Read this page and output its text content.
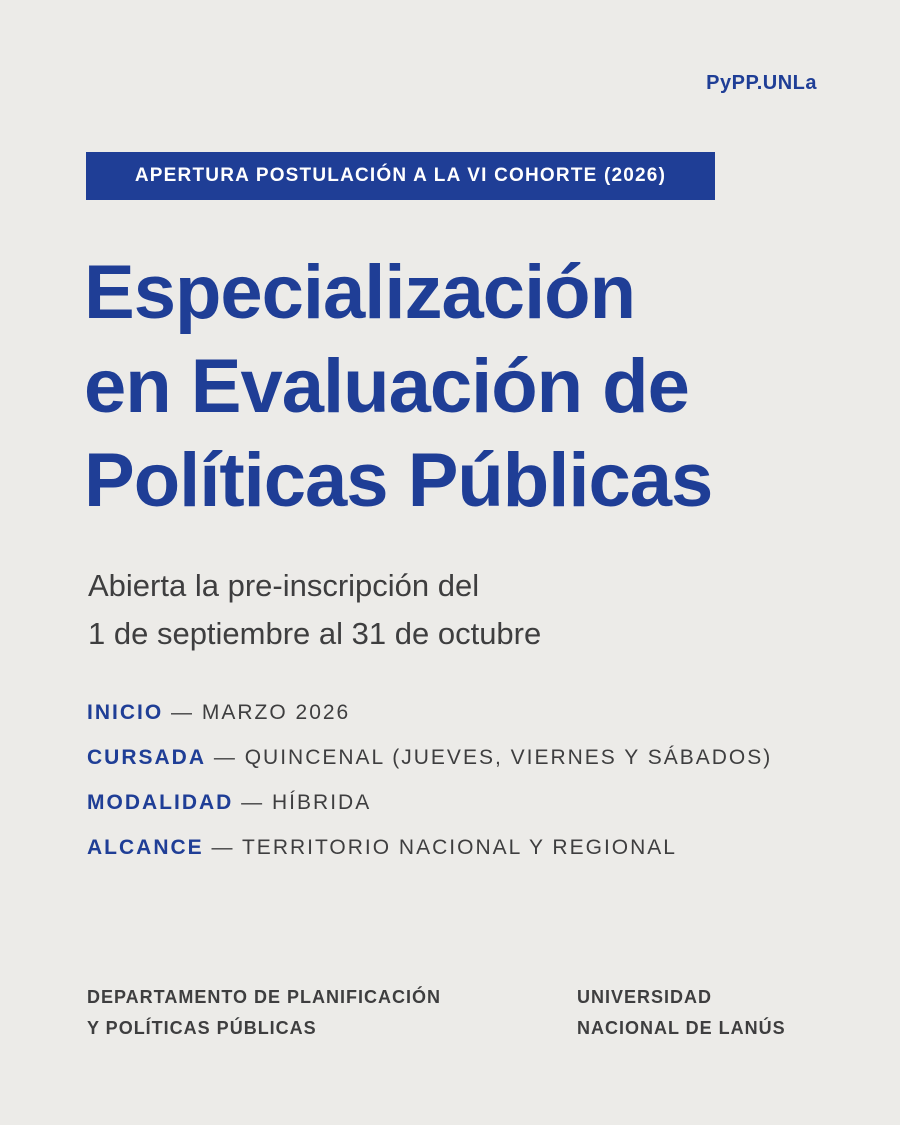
PyPP.UNLa
APERTURA POSTULACIÓN A LA VI COHORTE (2026)
Especialización
en Evaluación de
Políticas Públicas
Abierta la pre-inscripción del
1 de septiembre al 31 de octubre
INICIO — MARZO 2026
CURSADA — QUINCENAL (JUEVES, VIERNES Y SÁBADOS)
MODALIDAD — HÍBRIDA
ALCANCE — TERRITORIO NACIONAL Y REGIONAL
DEPARTAMENTO DE PLANIFICACIÓN
Y POLÍTICAS PÚBLICAS
UNIVERSIDAD
NACIONAL DE LANÚS
